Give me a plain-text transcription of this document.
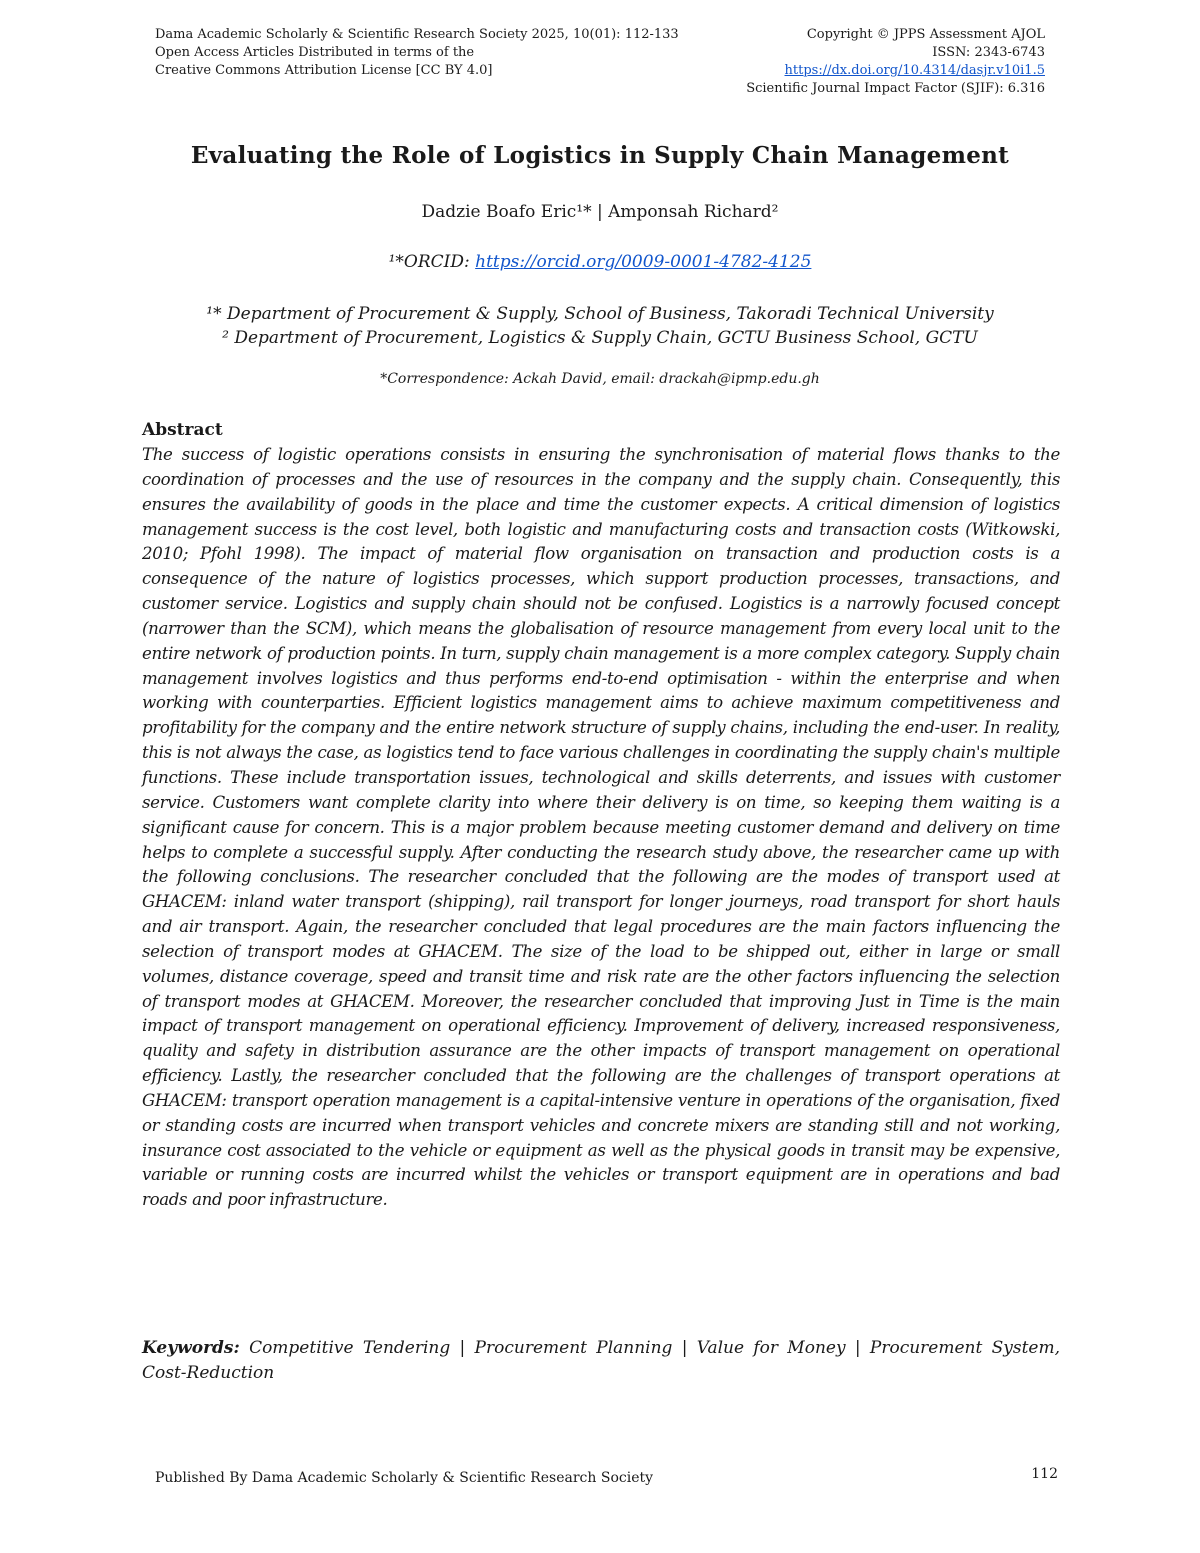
Dama Academic Scholarly & Scientific Research Society 2025, 10(01): 112-133
Open Access Articles Distributed in terms of the
Creative Commons Attribution License [CC BY 4.0]
Copyright © JPPS Assessment AJOL
ISSN: 2343-6743
https://dx.doi.org/10.4314/dasjr.v10i1.5
Scientific Journal Impact Factor (SJIF): 6.316
Evaluating the Role of Logistics in Supply Chain Management
Dadzie Boafo Eric¹* | Amponsah Richard²
¹*ORCID: https://orcid.org/0009-0001-4782-4125
¹* Department of Procurement & Supply, School of Business, Takoradi Technical University
² Department of Procurement, Logistics & Supply Chain, GCTU Business School, GCTU
*Correspondence: Ackah David, email: drackah@ipmp.edu.gh
Abstract
The success of logistic operations consists in ensuring the synchronisation of material flows thanks to the coordination of processes and the use of resources in the company and the supply chain. Consequently, this ensures the availability of goods in the place and time the customer expects. A critical dimension of logistics management success is the cost level, both logistic and manufacturing costs and transaction costs (Witkowski, 2010; Pfohl 1998). The impact of material flow organisation on transaction and production costs is a consequence of the nature of logistics processes, which support production processes, transactions, and customer service. Logistics and supply chain should not be confused. Logistics is a narrowly focused concept (narrower than the SCM), which means the globalisation of resource management from every local unit to the entire network of production points. In turn, supply chain management is a more complex category. Supply chain management involves logistics and thus performs end-to-end optimisation - within the enterprise and when working with counterparties. Efficient logistics management aims to achieve maximum competitiveness and profitability for the company and the entire network structure of supply chains, including the end-user. In reality, this is not always the case, as logistics tend to face various challenges in coordinating the supply chain's multiple functions. These include transportation issues, technological and skills deterrents, and issues with customer service. Customers want complete clarity into where their delivery is on time, so keeping them waiting is a significant cause for concern. This is a major problem because meeting customer demand and delivery on time helps to complete a successful supply. After conducting the research study above, the researcher came up with the following conclusions. The researcher concluded that the following are the modes of transport used at GHACEM: inland water transport (shipping), rail transport for longer journeys, road transport for short hauls and air transport. Again, the researcher concluded that legal procedures are the main factors influencing the selection of transport modes at GHACEM. The size of the load to be shipped out, either in large or small volumes, distance coverage, speed and transit time and risk rate are the other factors influencing the selection of transport modes at GHACEM. Moreover, the researcher concluded that improving Just in Time is the main impact of transport management on operational efficiency. Improvement of delivery, increased responsiveness, quality and safety in distribution assurance are the other impacts of transport management on operational efficiency. Lastly, the researcher concluded that the following are the challenges of transport operations at GHACEM: transport operation management is a capital-intensive venture in operations of the organisation, fixed or standing costs are incurred when transport vehicles and concrete mixers are standing still and not working, insurance cost associated to the vehicle or equipment as well as the physical goods in transit may be expensive, variable or running costs are incurred whilst the vehicles or transport equipment are in operations and bad roads and poor infrastructure.
Keywords: Competitive Tendering | Procurement Planning | Value for Money | Procurement System, Cost-Reduction
Published By Dama Academic Scholarly & Scientific Research Society	112
